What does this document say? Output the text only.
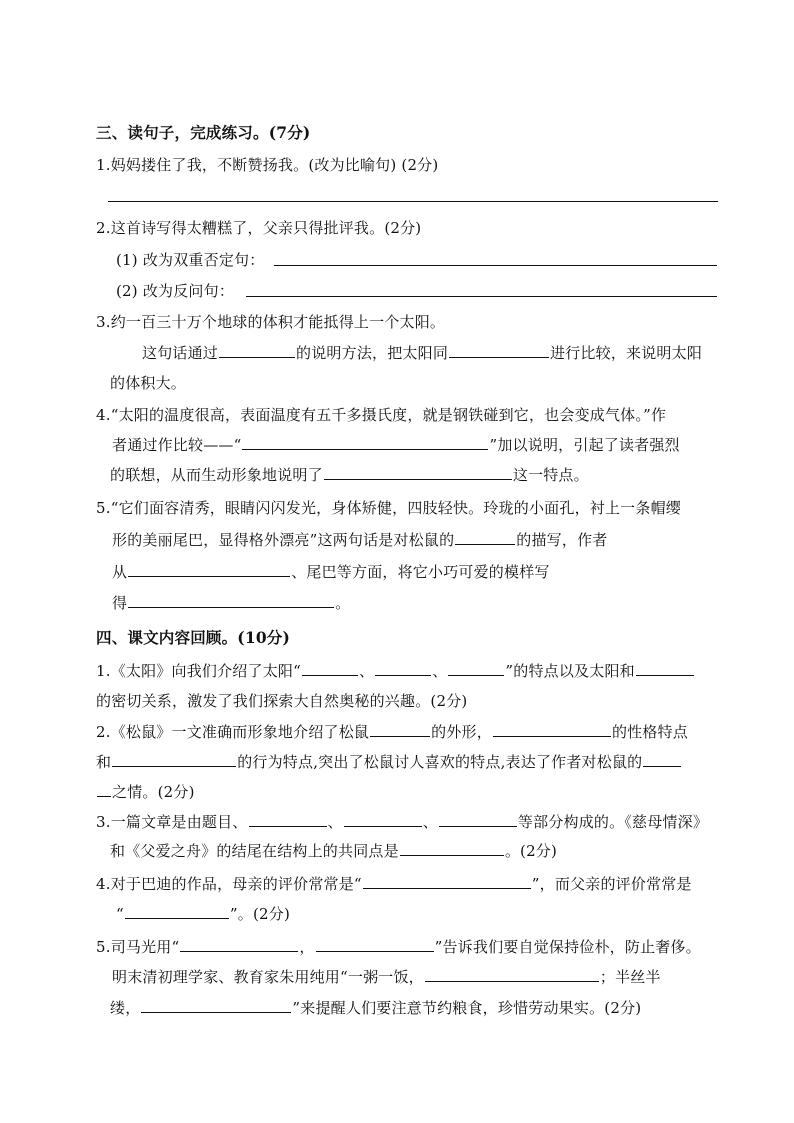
三、读句子，完成练习。(7分)
1.妈妈搂住了我，不断赞扬我。(改为比喻句) (2分)
2.这首诗写得太糟糕了，父亲只得批评我。(2分)
(1) 改为双重否定句：
(2) 改为反问句：
3.约一百三十万个地球的体积才能抵得上一个太阳。
这句话通过	的说明方法，把太阳同	进行比较，来说明太阳
的体积大。
4.“太阳的温度很高，表面温度有五千多摄氏度，就是钢铁碰到它，也会变成气体。”作
者通过作比较——“	”加以说明，引起了读者强烈
的联想，从而生动形象地说明了	这一特点。
5.“它们面容清秀，眼睛闪闪发光，身体矫健，四肢轻快。玲珑的小面孔，衬上一条帽缨
形的美丽尾巴，显得格外漂亮”这两句话是对松鼠的	的描写，作者
从	、尾巴等方面，将它小巧可爱的模样写
得	。
四、课文内容回顾。(10分)
1.《太阳》向我们介绍了太阳“	、	、	”的特点以及太阳和
的密切关系，激发了我们探索大自然奥秘的兴趣。(2分)
2.《松鼠》一文准确而形象地介绍了松鼠	的外形，	的性格特点
和	的行为特点,突出了松鼠讨人喜欢的特点,表达了作者对松鼠的
之情。(2分)
3.一篇文章是由题目、	、	、	等部分构成的。《慈母情深》
和《父爱之舟》的结尾在结构上的共同点是	。(2分)
4.对于巴迪的作品，母亲的评价常常是“	”，而父亲的评价常常是
“	”。(2分)
5.司马光用“	，	”告诉我们要自觉保持俭朴，防止奢侈。
明末清初理学家、教育家朱用纯用“一粥一饭，	；半丝半
缕，	”来提醒人们要注意节约粮食，珍惜劳动果实。(2分)
